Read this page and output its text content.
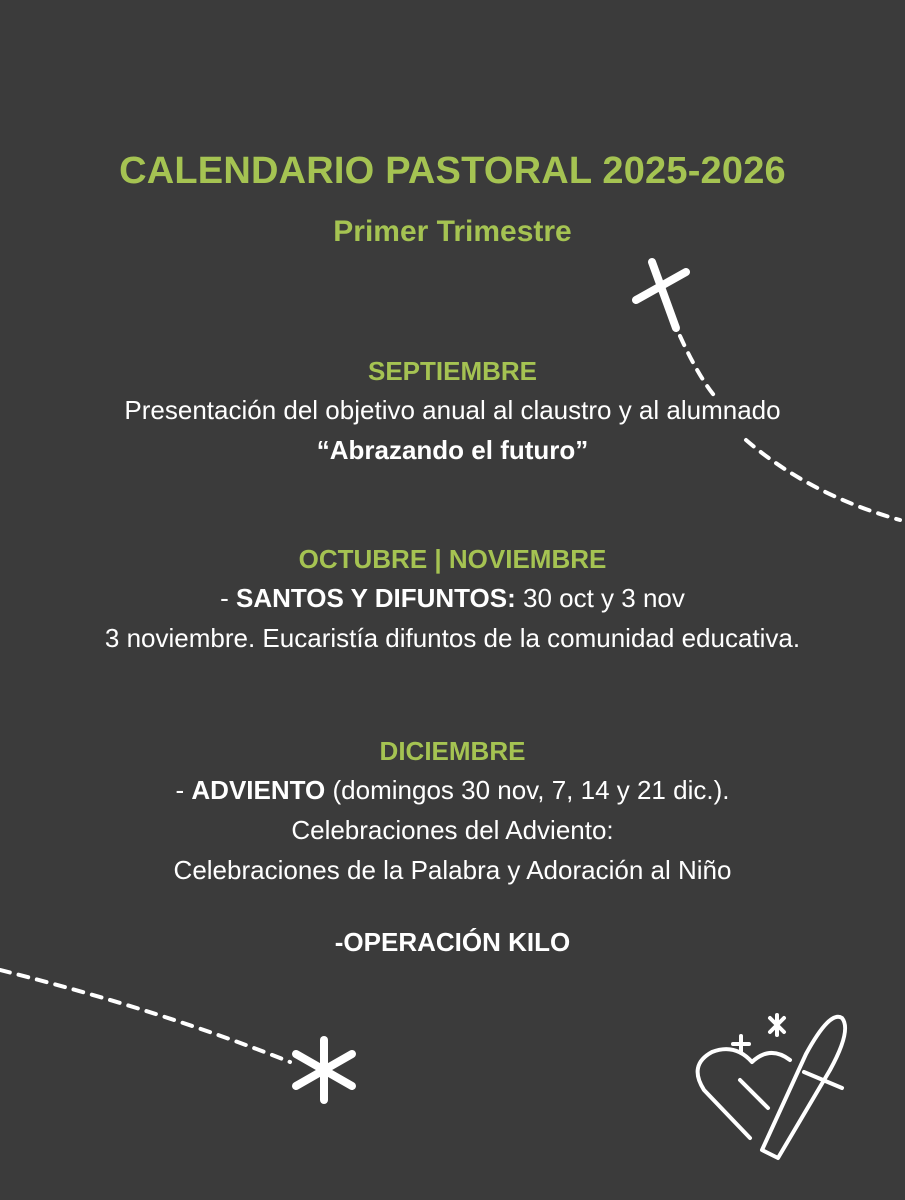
CALENDARIO PASTORAL 2025-2026
Primer Trimestre
SEPTIEMBRE
Presentación del objetivo anual al claustro y al alumnado
“Abrazando el futuro”
OCTUBRE | NOVIEMBRE
- SANTOS Y DIFUNTOS: 30 oct y 3 nov
3 noviembre. Eucaristía difuntos de la comunidad educativa.
DICIEMBRE
- ADVIENTO (domingos 30 nov, 7, 14 y 21 dic.).
Celebraciones del Adviento:
Celebraciones de la Palabra y Adoración al Niño
-OPERACIÓN KILO
